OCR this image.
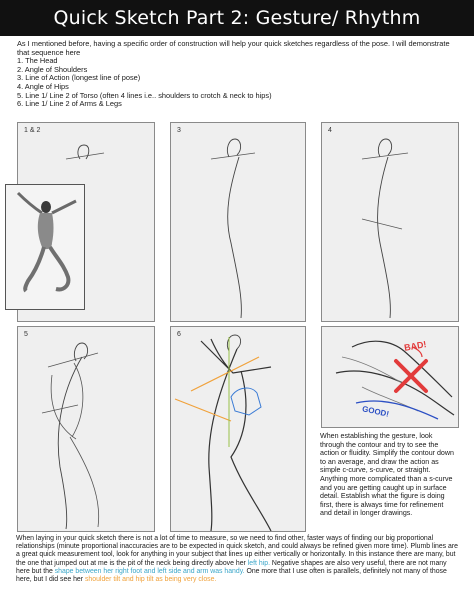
Quick Sketch Part 2: Gesture/ Rhythm

As I mentioned before, having a specific order of construction will help your quick sketches regardless of the pose. I will demonstrate that sequence here

1. The Head
2. Angle of Shoulders
3. Line of Action (longest line of pose)
4. Angle of Hips
5. Line 1/ Line 2 of Torso (often 4 lines i.e.. shoulders to crotch & neck to hips)
6. Line 1/ Line 2 of Arms & Legs
1 & 2	3	4
5	6
BAD!
GOOD!
When establishing the gesture, look through the contour and try to see the action or fluidity. Simplify the contour down to an average, and draw the action as simple c-curve, s-curve, or straight. Anything more complicated than a s-curve and you are getting caught up in surface detail. Establish what the figure is doing first, there is always time for refinement and detail in longer drawings.
When laying in your quick sketch there is not a lot of time to measure, so we need to find other, faster ways of finding our big proportional relationships (minute proportional inaccuracies are to be expected in quick sketch, and could always be refined given more time). Plumb lines are a great quick measurement tool, look for anything in your subject that lines up either vertically or horizontally. In this instance there are many, but the one that jumped out at me is the pit of the neck being directly above her left hip. Negative shapes are also very useful, there are not many here but the shape between her right foot and left side and arm was handy. One more that I use often is parallels, definitely not many of those here, but I did see her shoulder tilt and hip tilt as being very close.
